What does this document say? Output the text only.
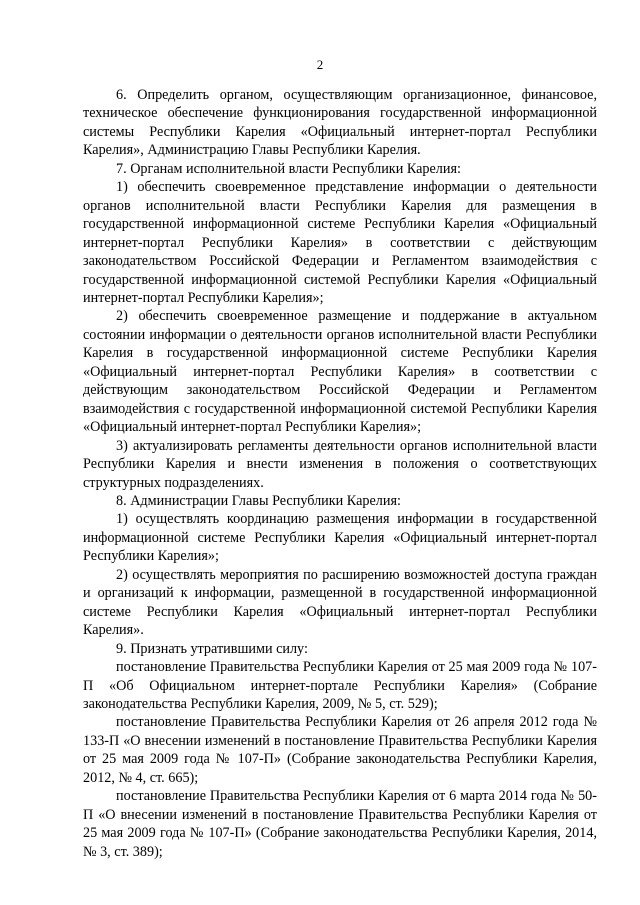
2

6. Определить органом, осуществляющим организационное, финансовое, техническое обеспечение функционирования государственной информационной системы Республики Карелия «Официальный интернет-портал Республики Карелия», Администрацию Главы Республики Карелия.

7. Органам исполнительной власти Республики Карелия:

1) обеспечить своевременное представление информации о деятельности органов исполнительной власти Республики Карелия для размещения в государственной информационной системе Республики Карелия «Официальный интернет-портал Республики Карелия» в соответствии с действующим законодательством Российской Федерации и Регламентом взаимодействия с государственной информационной системой Республики Карелия «Официальный интернет-портал Республики Карелия»;

2) обеспечить своевременное размещение и поддержание в актуальном состоянии информации о деятельности органов исполнительной власти Республики Карелия в государственной информационной системе Республики Карелия «Официальный интернет-портал Республики Карелия» в соответствии с действующим законодательством Российской Федерации и Регламентом взаимодействия с государственной информационной системой Республики Карелия «Официальный интернет-портал Республики Карелия»;

3) актуализировать регламенты деятельности органов исполнительной власти Республики Карелия и внести изменения в положения о соответствующих структурных подразделениях.

8. Администрации Главы Республики Карелия:

1) осуществлять координацию размещения информации в государственной информационной системе Республики Карелия «Официальный интернет-портал Республики Карелия»;

2) осуществлять мероприятия по расширению возможностей доступа граждан и организаций к информации, размещенной в государственной информационной системе Республики Карелия «Официальный интернет-портал Республики Карелия».

9. Признать утратившими силу:

постановление Правительства Республики Карелия от 25 мая 2009 года № 107-П «Об Официальном интернет-портале Республики Карелия» (Собрание законодательства Республики Карелия, 2009, № 5, ст. 529);

постановление Правительства Республики Карелия от 26 апреля 2012 года № 133-П «О внесении изменений в постановление Правительства Республики Карелия от 25 мая 2009 года № 107-П» (Собрание законодательства Республики Карелия, 2012, № 4, ст. 665);

постановление Правительства Республики Карелия от 6 марта 2014 года № 50-П «О внесении изменений в постановление Правительства Республики Карелия от 25 мая 2009 года № 107-П» (Собрание законодательства Республики Карелия, 2014, № 3, ст. 389);
